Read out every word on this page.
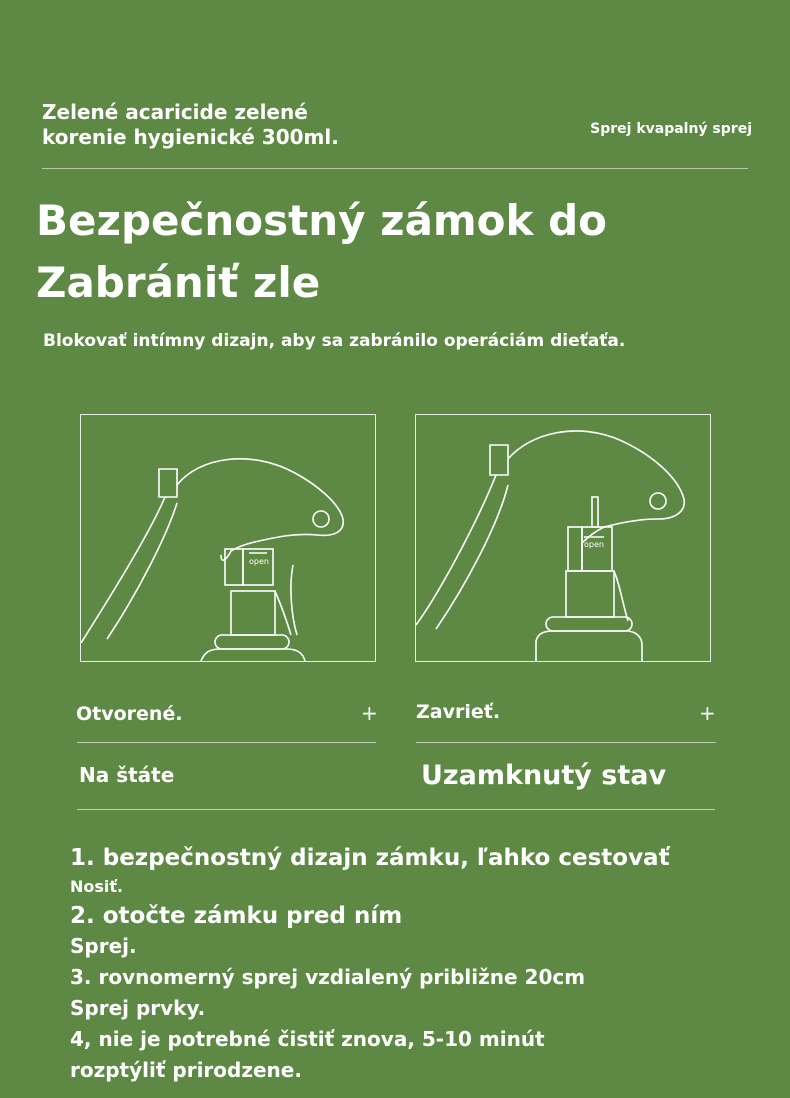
Zelené acaricide zelené korenie hygienické 300ml.	Sprej kvapalný sprej
Bezpečnostný zámok do
Zabrániť zle
Blokovať intímny dizajn, aby sa zabránilo operáciám dieťaťa.
open
open
Otvorené.	+
Na štáte
Zavrieť.	+
Uzamknutý stav
1. bezpečnostný dizajn zámku, ľahko cestovať
Nosiť.
2. otočte zámku pred ním
Sprej.
3. rovnomerný sprej vzdialený približne 20cm
Sprej prvky.
4, nie je potrebné čistiť znova, 5-10 minút
rozptýliť prirodzene.
